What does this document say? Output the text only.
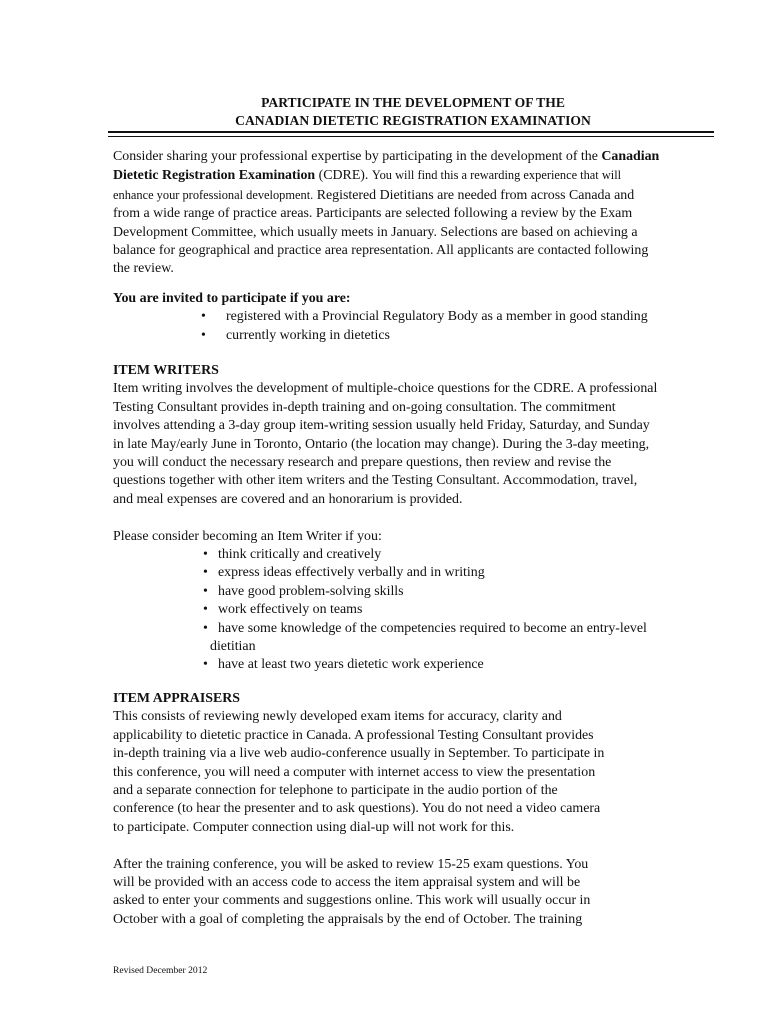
PARTICIPATE IN THE DEVELOPMENT OF THE
CANADIAN DIETETIC REGISTRATION EXAMINATION
Consider sharing your professional expertise by participating in the development of the Canadian
Dietetic Registration Examination (CDRE). You will find this a rewarding experience that will
enhance your professional development. Registered Dietitians are needed from across Canada and
from a wide range of practice areas. Participants are selected following a review by the Exam
Development Committee, which usually meets in January. Selections are based on achieving a
balance for geographical and practice area representation. All applicants are contacted following
the review.
You are invited to participate if you are:
• registered with a Provincial Regulatory Body as a member in good standing
• currently working in dietetics
ITEM WRITERS
Item writing involves the development of multiple-choice questions for the CDRE. A professional
Testing Consultant provides in-depth training and on-going consultation. The commitment
involves attending a 3-day group item-writing session usually held Friday, Saturday, and Sunday
in late May/early June in Toronto, Ontario (the location may change). During the 3-day meeting,
you will conduct the necessary research and prepare questions, then review and revise the
questions together with other item writers and the Testing Consultant. Accommodation, travel,
and meal expenses are covered and an honorarium is provided.
Please consider becoming an Item Writer if you:
• think critically and creatively
• express ideas effectively verbally and in writing
• have good problem-solving skills
• work effectively on teams
• have some knowledge of the competencies required to become an entry-level
dietitian
• have at least two years dietetic work experience
ITEM APPRAISERS
This consists of reviewing newly developed exam items for accuracy, clarity and
applicability to dietetic practice in Canada. A professional Testing Consultant provides
in-depth training via a live web audio-conference usually in September. To participate in
this conference, you will need a computer with internet access to view the presentation
and a separate connection for telephone to participate in the audio portion of the
conference (to hear the presenter and to ask questions). You do not need a video camera
to participate. Computer connection using dial-up will not work for this.
After the training conference, you will be asked to review 15-25 exam questions. You
will be provided with an access code to access the item appraisal system and will be
asked to enter your comments and suggestions online. This work will usually occur in
October with a goal of completing the appraisals by the end of October. The training
Revised December 2012
